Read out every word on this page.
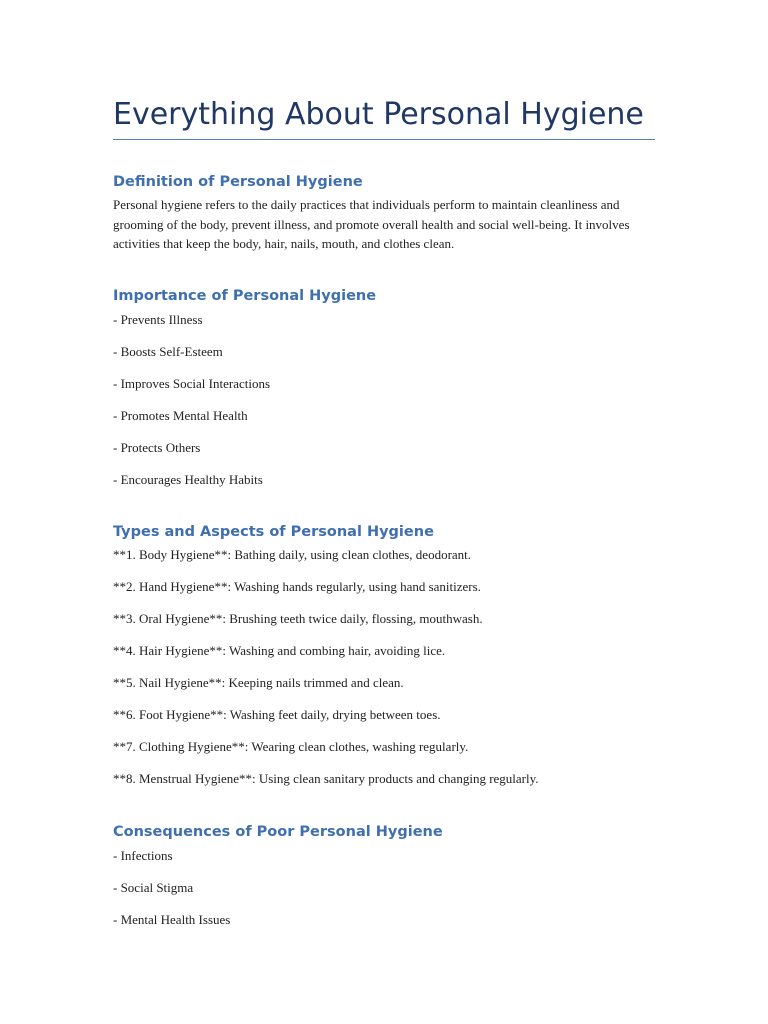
Everything About Personal Hygiene
Definition of Personal Hygiene

Personal hygiene refers to the daily practices that individuals perform to maintain cleanliness and grooming of the body, prevent illness, and promote overall health and social well-being. It involves activities that keep the body, hair, nails, mouth, and clothes clean.

Importance of Personal Hygiene
- Prevents Illness
- Boosts Self-Esteem
- Improves Social Interactions
- Promotes Mental Health
- Protects Others
- Encourages Healthy Habits
Types and Aspects of Personal Hygiene
**1. Body Hygiene**: Bathing daily, using clean clothes, deodorant.
**2. Hand Hygiene**: Washing hands regularly, using hand sanitizers.
**3. Oral Hygiene**: Brushing teeth twice daily, flossing, mouthwash.
**4. Hair Hygiene**: Washing and combing hair, avoiding lice.
**5. Nail Hygiene**: Keeping nails trimmed and clean.
**6. Foot Hygiene**: Washing feet daily, drying between toes.
**7. Clothing Hygiene**: Wearing clean clothes, washing regularly.
**8. Menstrual Hygiene**: Using clean sanitary products and changing regularly.
Consequences of Poor Personal Hygiene
- Infections
- Social Stigma
- Mental Health Issues
